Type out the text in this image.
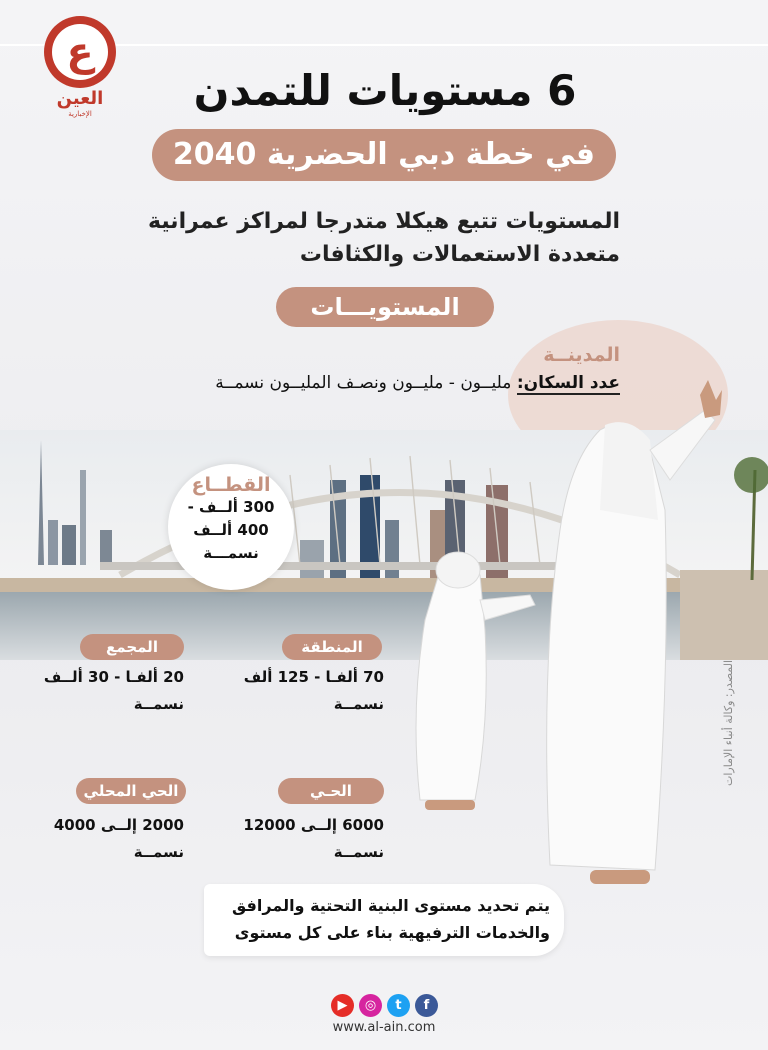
ع
العين
الإخبارية	6 مستويات للتمدن
في خطة دبي الحضرية 2040
المستويات تتبع هيكلا متدرجا لمراكز عمرانية متعددة الاستعمالات والكثافات
المستويـــات
المدينــة
عدد السكان: مليــون - مليــون ونصـف المليــون نسمــة
القطــاع
300 ألــف - 400 ألــف نسمـــة
المنطقة
70 ألفـا - 125 ألف
نسمــة
المجمع
20 ألفـا - 30 ألــف
نسمــة
الحـي
6000 إلــى 12000
نسمــة
الحي المحلي
2000 إلــى 4000
نسمــة
المصدر: وكالة أنباء الإمارات
يتم تحديد مستوى البنية التحتية والمرافق والخدمات الترفيهية بناء على كل مستوى
▶	◎	t	f
www.al-ain.com
